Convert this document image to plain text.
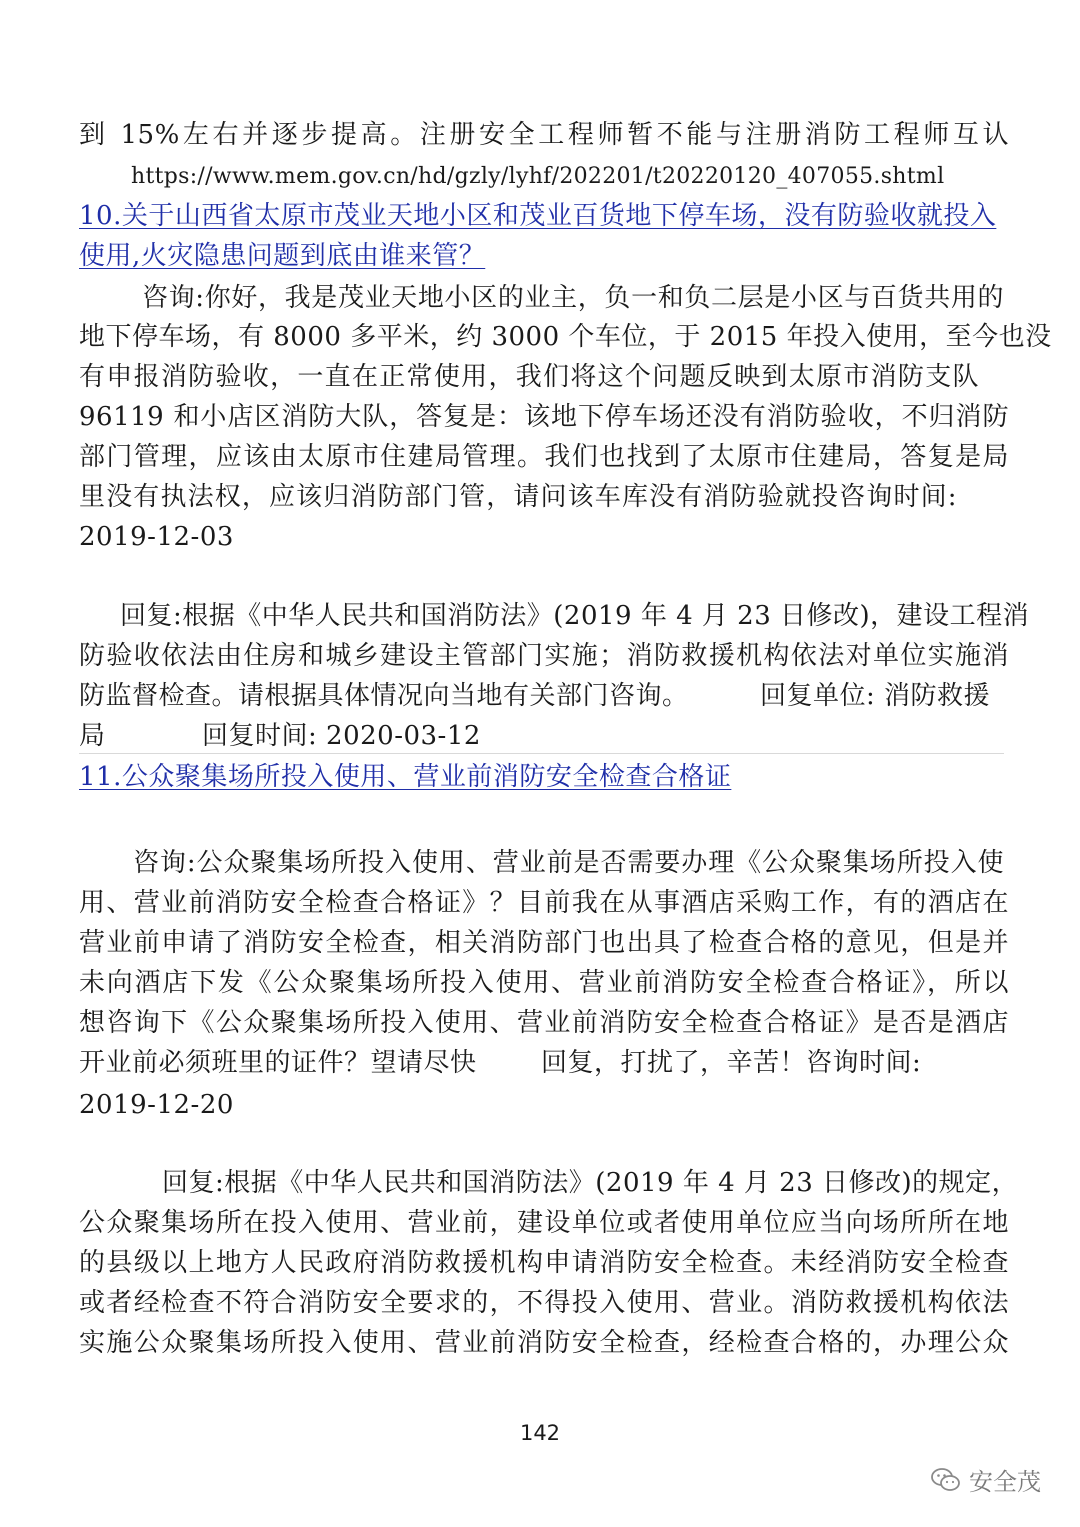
到 15%左右并逐步提高。注册安全工程师暂不能与注册消防工程师互认
https://www.mem.gov.cn/hd/gzly/lyhf/202201/t20220120_407055.shtml
10.关于山西省太原市茂业天地小区和茂业百货地下停车场，没有防验收就投入
使用,火灾隐患问题到底由谁来管？
咨询:你好，我是茂业天地小区的业主，负一和负二层是小区与百货共用的
地下停车场，有 8000 多平米，约 3000 个车位，于 2015 年投入使用，至今也没
有申报消防验收，一直在正常使用，我们将这个问题反映到太原市消防支队
96119 和小店区消防大队，答复是：该地下停车场还没有消防验收，不归消防
部门管理，应该由太原市住建局管理。我们也找到了太原市住建局，答复是局
里没有执法权，应该归消防部门管，请问该车库没有消防验就投咨询时间:
2019-12-03
回复:根据《中华人民共和国消防法》(2019 年 4 月 23 日修改)，建设工程消
防验收依法由住房和城乡建设主管部门实施；消防救援机构依法对单位实施消
防监督检查。请根据具体情况向当地有关部门咨询。	回复单位: 消防救援
局	回复时间: 2020-03-12
11.公众聚集场所投入使用、营业前消防安全检查合格证
咨询:公众聚集场所投入使用、营业前是否需要办理《公众聚集场所投入使
用、营业前消防安全检查合格证》？目前我在从事酒店采购工作，有的酒店在
营业前申请了消防安全检查，相关消防部门也出具了检查合格的意见，但是并
未向酒店下发《公众聚集场所投入使用、营业前消防安全检查合格证》，所以
想咨询下《公众聚集场所投入使用、营业前消防安全检查合格证》是否是酒店
开业前必须班里的证件？望请尽快	回复，打扰了，辛苦！咨询时间:
2019-12-20
回复:根据《中华人民共和国消防法》(2019 年 4 月 23 日修改)的规定，
公众聚集场所在投入使用、营业前，建设单位或者使用单位应当向场所所在地
的县级以上地方人民政府消防救援机构申请消防安全检查。未经消防安全检查
或者经检查不符合消防安全要求的，不得投入使用、营业。消防救援机构依法
实施公众聚集场所投入使用、营业前消防安全检查，经检查合格的，办理公众
142
安全茂
